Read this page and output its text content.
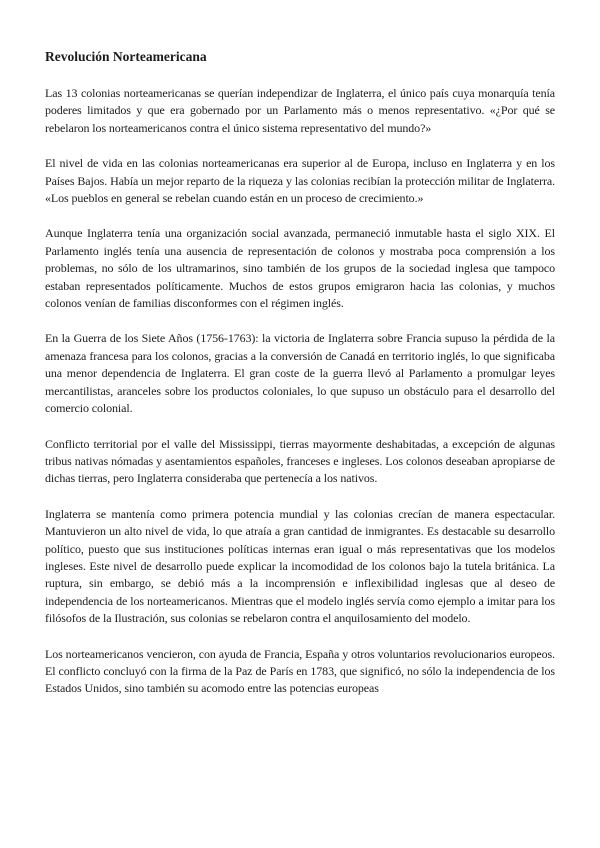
Revolución Norteamericana

Las 13 colonias norteamericanas se querían independizar de Inglaterra, el único país cuya monarquía tenía poderes limitados y que era gobernado por un Parlamento más o menos representativo. «¿Por qué se rebelaron los norteamericanos contra el único sistema representativo del mundo?»

El nivel de vida en las colonias norteamericanas era superior al de Europa, incluso en Inglaterra y en los Países Bajos. Había un mejor reparto de la riqueza y las colonias recibían la protección militar de Inglaterra. «Los pueblos en general se rebelan cuando están en un proceso de crecimiento.»

Aunque Inglaterra tenía una organización social avanzada, permaneció inmutable hasta el siglo XIX. El Parlamento inglés tenía una ausencia de representación de colonos y mostraba poca comprensión a los problemas, no sólo de los ultramarinos, sino también de los grupos de la sociedad inglesa que tampoco estaban representados políticamente. Muchos de estos grupos emigraron hacia las colonias, y muchos colonos venían de familias disconformes con el régimen inglés.

En la Guerra de los Siete Años (1756-1763): la victoria de Inglaterra sobre Francia supuso la pérdida de la amenaza francesa para los colonos, gracias a la conversión de Canadá en territorio inglés, lo que significaba una menor dependencia de Inglaterra. El gran coste de la guerra llevó al Parlamento a promulgar leyes mercantilistas, aranceles sobre los productos coloniales, lo que supuso un obstáculo para el desarrollo del comercio colonial.

Conflicto territorial por el valle del Mississippi, tierras mayormente deshabitadas, a excepción de algunas tribus nativas nómadas y asentamientos españoles, franceses e ingleses. Los colonos deseaban apropiarse de dichas tierras, pero Inglaterra consideraba que pertenecía a los nativos.

Inglaterra se mantenía como primera potencia mundial y las colonias crecían de manera espectacular. Mantuvieron un alto nivel de vida, lo que atraía a gran cantidad de inmigrantes. Es destacable su desarrollo político, puesto que sus instituciones políticas internas eran igual o más representativas que los modelos ingleses. Este nivel de desarrollo puede explicar la incomodidad de los colonos bajo la tutela británica. La ruptura, sin embargo, se debió más a la incomprensión e inflexibilidad inglesas que al deseo de independencia de los norteamericanos. Mientras que el modelo inglés servía como ejemplo a imitar para los filósofos de la Ilustración, sus colonias se rebelaron contra el anquilosamiento del modelo.

Los norteamericanos vencieron, con ayuda de Francia, España y otros voluntarios revolucionarios europeos. El conflicto concluyó con la firma de la Paz de París en 1783, que significó, no sólo la independencia de los Estados Unidos, sino también su acomodo entre las potencias europeas
